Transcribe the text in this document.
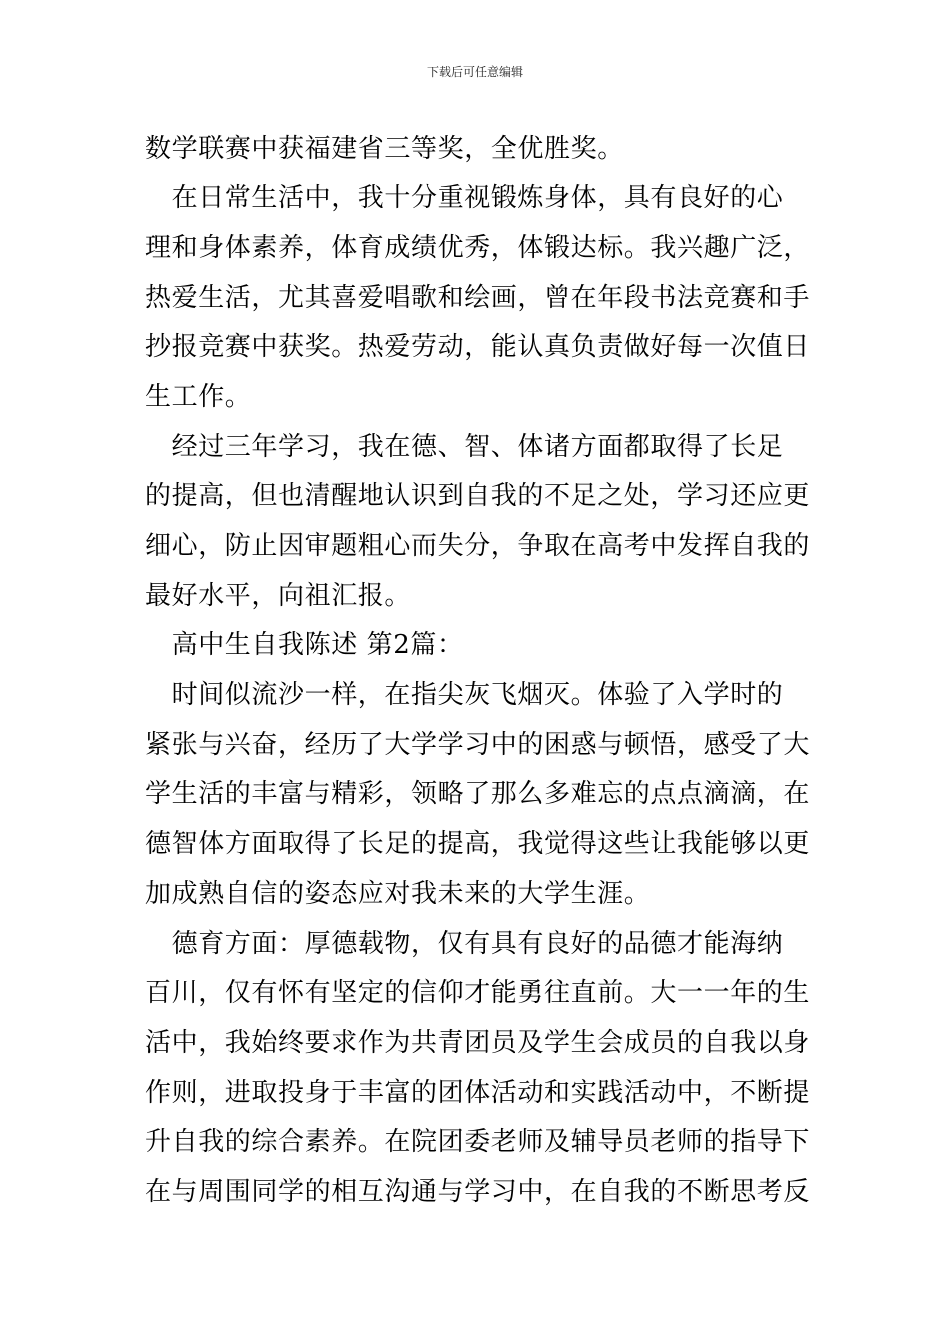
下载后可任意编辑
数学联赛中获福建省三等奖，全优胜奖。
　在日常生活中，我十分重视锻炼身体，具有良好的心
理和身体素养，体育成绩优秀，体锻达标。我兴趣广泛，
热爱生活，尤其喜爱唱歌和绘画，曾在年段书法竞赛和手
抄报竞赛中获奖。热爱劳动，能认真负责做好每一次值日
生工作。
　经过三年学习，我在德、智、体诸方面都取得了长足
的提高，但也清醒地认识到自我的不足之处，学习还应更
细心，防止因审题粗心而失分，争取在高考中发挥自我的
最好水平，向祖汇报。
　高中生自我陈述 第2篇：
　时间似流沙一样，在指尖灰飞烟灭。体验了入学时的
紧张与兴奋，经历了大学学习中的困惑与顿悟，感受了大
学生活的丰富与精彩，领略了那么多难忘的点点滴滴，在
德智体方面取得了长足的提高，我觉得这些让我能够以更
加成熟自信的姿态应对我未来的大学生涯。
　德育方面：厚德载物，仅有具有良好的品德才能海纳
百川，仅有怀有坚定的信仰才能勇往直前。大一一年的生
活中，我始终要求作为共青团员及学生会成员的自我以身
作则，进取投身于丰富的团体活动和实践活动中，不断提
升自我的综合素养。在院团委老师及辅导员老师的指导下
在与周围同学的相互沟通与学习中，在自我的不断思考反
